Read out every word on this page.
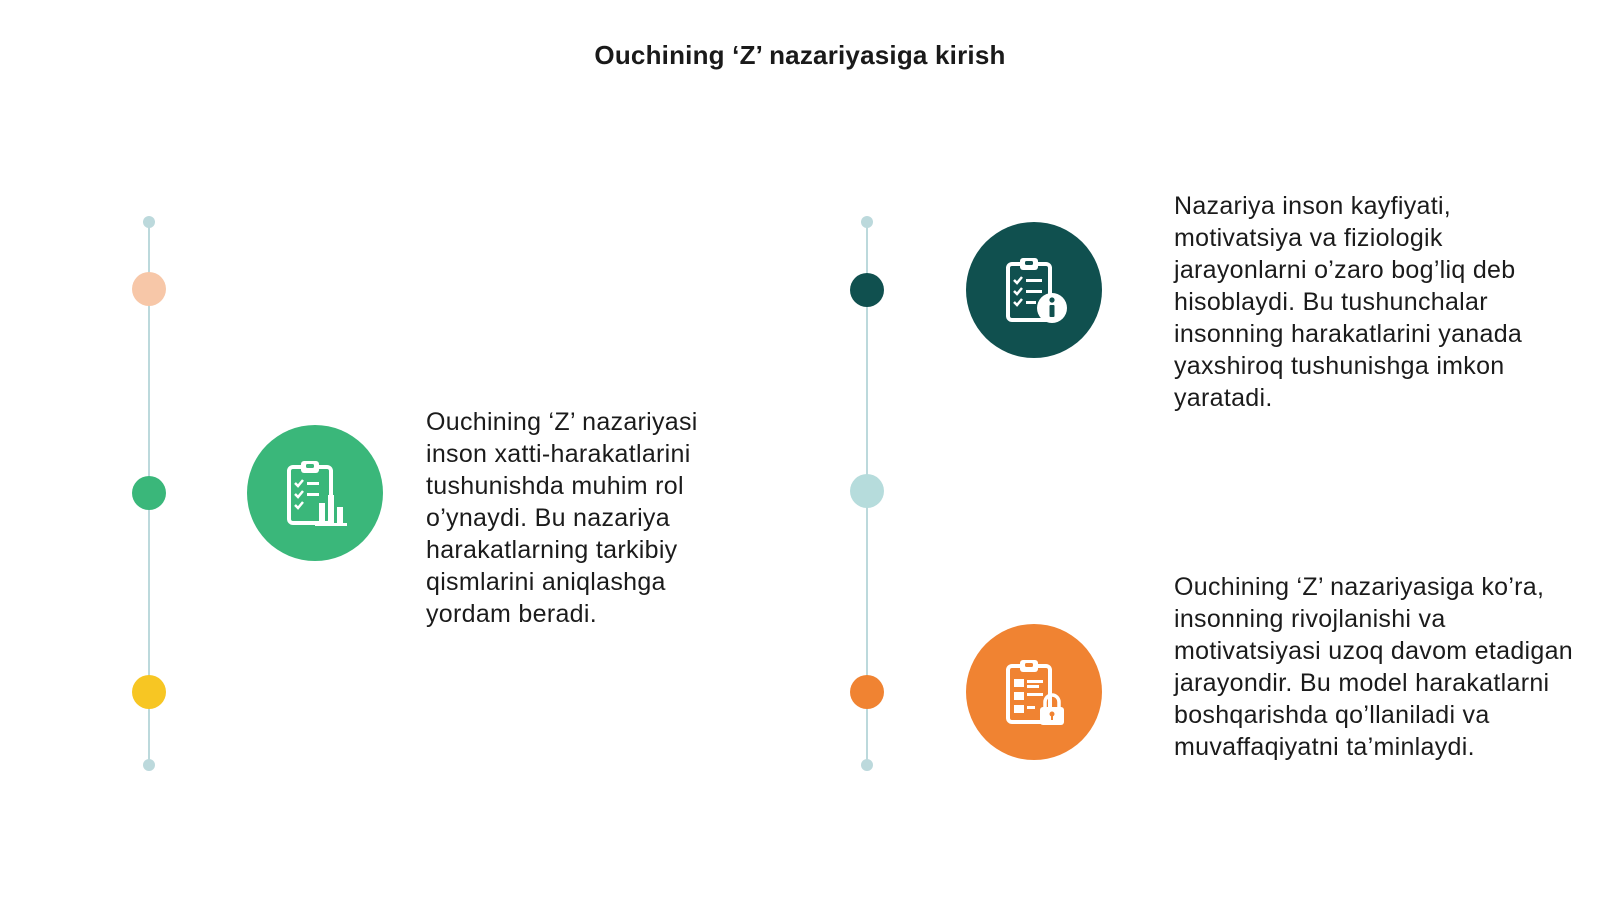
Ouchining ‘Z’ nazariyasiga kirish
Ouchining ‘Z’ nazariyasi inson xatti-harakatlarini tushunishda muhim rol o’ynaydi. Bu nazariya harakatlarning tarkibiy qismlarini aniqlashga yordam beradi.
Nazariya inson kayfiyati, motivatsiya va fiziologik jarayonlarni o’zaro bog’liq deb hisoblaydi. Bu tushunchalar insonning harakatlarini yanada yaxshiroq tushunishga imkon yaratadi.
Ouchining ‘Z’ nazariyasiga ko’ra, insonning rivojlanishi va motivatsiyasi uzoq davom etadigan jarayondir. Bu model harakatlarni boshqarishda qo’llaniladi va muvaffaqiyatni ta’minlaydi.
